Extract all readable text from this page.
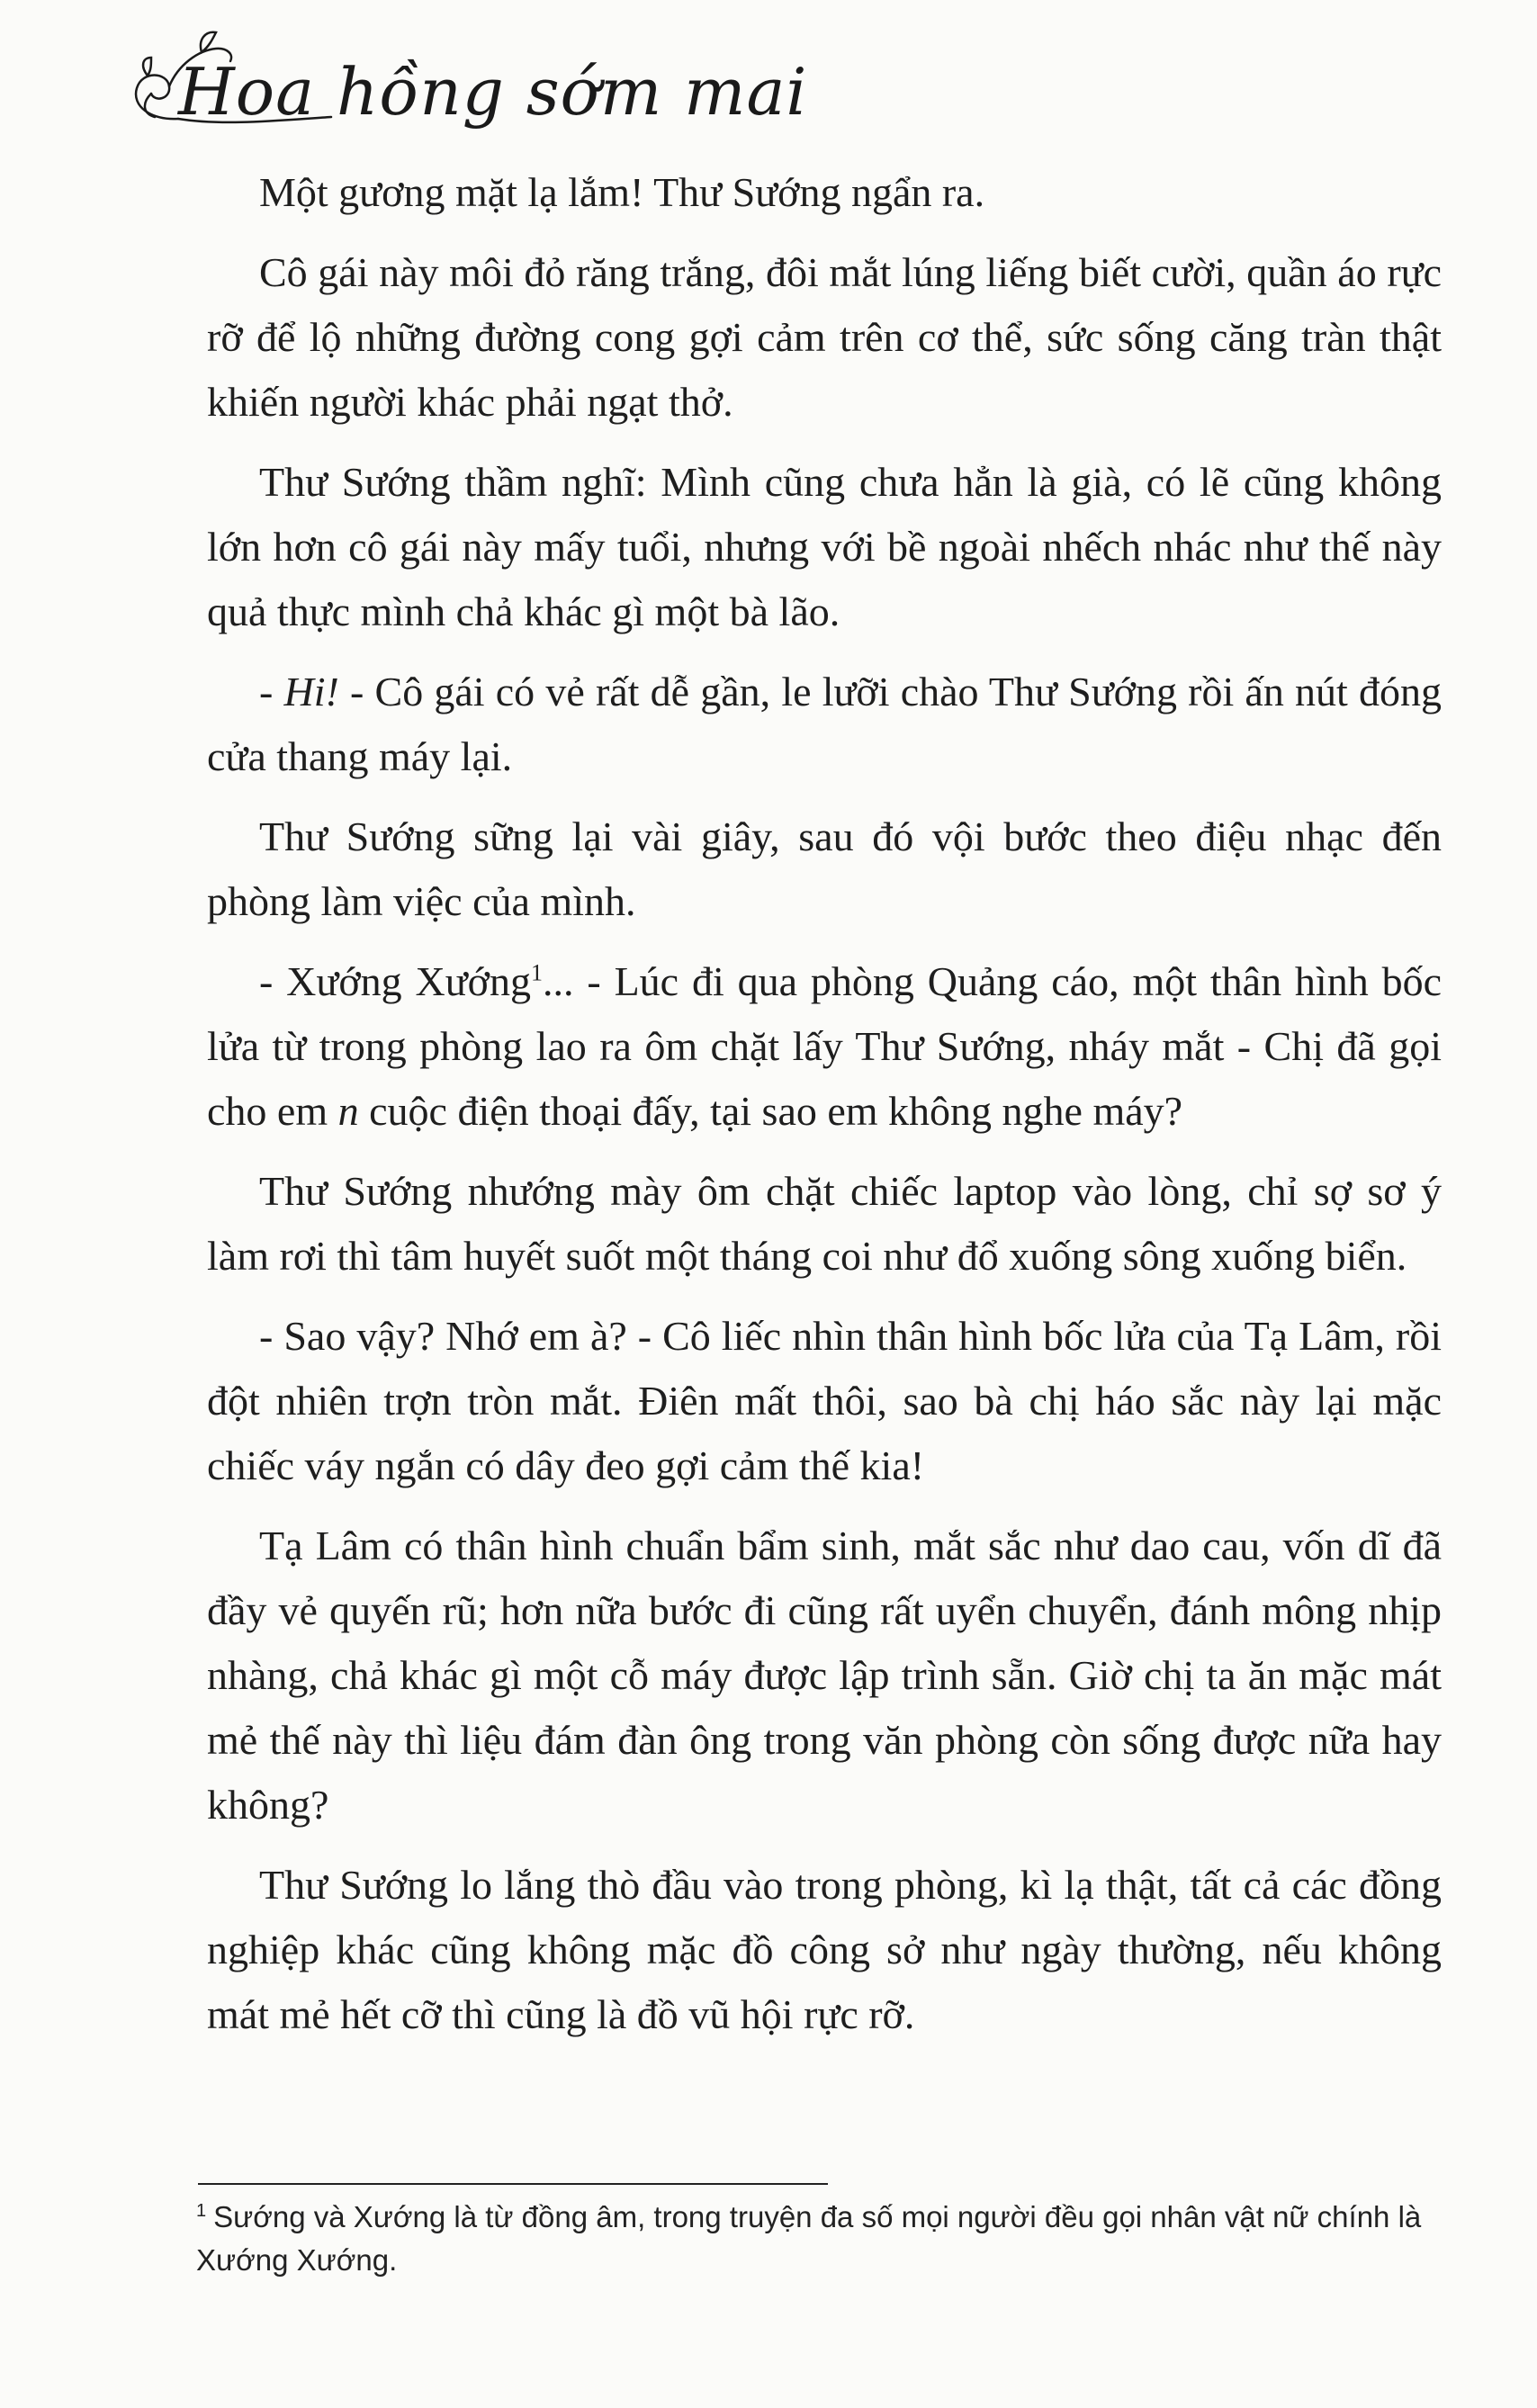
Hoa hồng sớm mai

Một gương mặt lạ lắm! Thư Sướng ngẩn ra.

Cô gái này môi đỏ răng trắng, đôi mắt lúng liếng biết cười, quần áo rực rỡ để lộ những đường cong gợi cảm trên cơ thể, sức sống căng tràn thật khiến người khác phải ngạt thở.

Thư Sướng thầm nghĩ: Mình cũng chưa hẳn là già, có lẽ cũng không lớn hơn cô gái này mấy tuổi, nhưng với bề ngoài nhếch nhác như thế này quả thực mình chả khác gì một bà lão.

- Hi! - Cô gái có vẻ rất dễ gần, le lưỡi chào Thư Sướng rồi ấn nút đóng cửa thang máy lại.

Thư Sướng sững lại vài giây, sau đó vội bước theo điệu nhạc đến phòng làm việc của mình.

- Xướng Xướng$^1$... - Lúc đi qua phòng Quảng cáo, một thân hình bốc lửa từ trong phòng lao ra ôm chặt lấy Thư Sướng, nháy mắt - Chị đã gọi cho em n cuộc điện thoại đấy, tại sao em không nghe máy?

Thư Sướng nhướng mày ôm chặt chiếc laptop vào lòng, chỉ sợ sơ ý làm rơi thì tâm huyết suốt một tháng coi như đổ xuống sông xuống biển.

- Sao vậy? Nhớ em à? - Cô liếc nhìn thân hình bốc lửa của Tạ Lâm, rồi đột nhiên trợn tròn mắt. Điên mất thôi, sao bà chị háo sắc này lại mặc chiếc váy ngắn có dây đeo gợi cảm thế kia!

Tạ Lâm có thân hình chuẩn bẩm sinh, mắt sắc như dao cau, vốn dĩ đã đầy vẻ quyến rũ; hơn nữa bước đi cũng rất uyển chuyển, đánh mông nhịp nhàng, chả khác gì một cỗ máy được lập trình sẵn. Giờ chị ta ăn mặc mát mẻ thế này thì liệu đám đàn ông trong văn phòng còn sống được nữa hay không?

Thư Sướng lo lắng thò đầu vào trong phòng, kì lạ thật, tất cả các đồng nghiệp khác cũng không mặc đồ công sở như ngày thường, nếu không mát mẻ hết cỡ thì cũng là đồ vũ hội rực rỡ.

$^1$ Sướng và Xướng là từ đồng âm, trong truyện đa số mọi người đều gọi nhân vật nữ chính là Xướng Xướng.
